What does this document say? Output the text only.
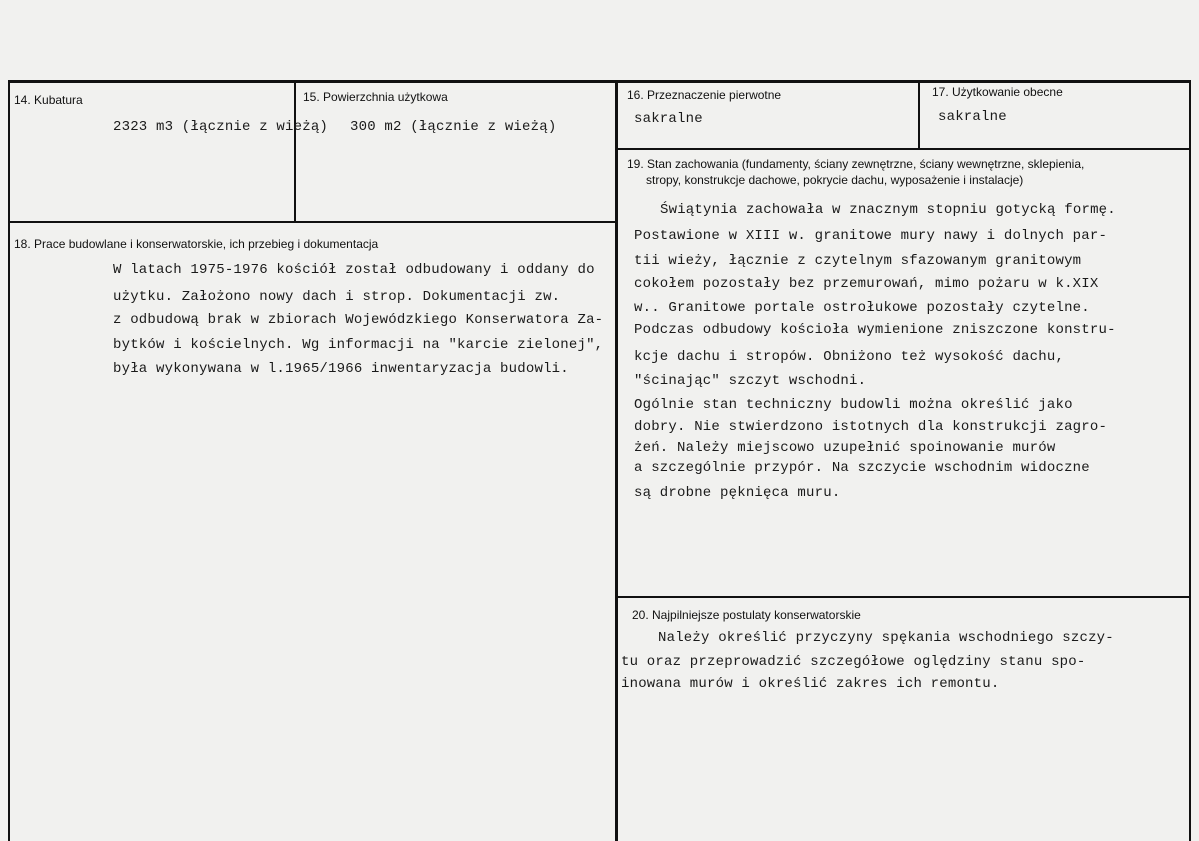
14. Kubatura
2323 m3 (łącznie z wieżą)
15. Powierzchnia użytkowa
300 m2 (łącznie z wieżą)
16. Przeznaczenie pierwotne
sakralne
17. Użytkowanie obecne
sakralne
18. Prace budowlane i konserwatorskie, ich przebieg i dokumentacja
W latach 1975-1976 kościół został odbudowany i oddany do
użytku. Założono nowy dach i strop. Dokumentacji zw.
z odbudową brak w zbiorach Wojewódzkiego Konserwatora Za-
bytków i kościelnych. Wg informacji na "karcie zielonej",
była wykonywana w l.1965/1966 inwentaryzacja budowli.
19. Stan zachowania (fundamenty, ściany zewnętrzne, ściany wewnętrzne, sklepienia,
stropy, konstrukcje dachowe, pokrycie dachu, wyposażenie i instalacje)
Świątynia zachowała w znacznym stopniu gotycką formę.
Postawione w XIII w. granitowe mury nawy i dolnych par-
tii wieży, łącznie z czytelnym sfazowanym granitowym
cokołem pozostały bez przemurowań, mimo pożaru w k.XIX
w.. Granitowe portale ostrołukowe pozostały czytelne.
Podczas odbudowy kościoła wymienione zniszczone konstru-
kcje dachu i stropów. Obniżono też wysokość dachu,
"ścinając" szczyt wschodni.
Ogólnie stan techniczny budowli można określić jako
dobry. Nie stwierdzono istotnych dla konstrukcji zagro-
żeń. Należy miejscowo uzupełnić spoinowanie murów
a szczególnie przypór. Na szczycie wschodnim widoczne
są drobne pęknięca muru.
20. Najpilniejsze postulaty konserwatorskie
Należy określić przyczyny spękania wschodniego szczy-
tu oraz przeprowadzić szczegółowe oględziny stanu spo-
inowana murów i określić zakres ich remontu.
